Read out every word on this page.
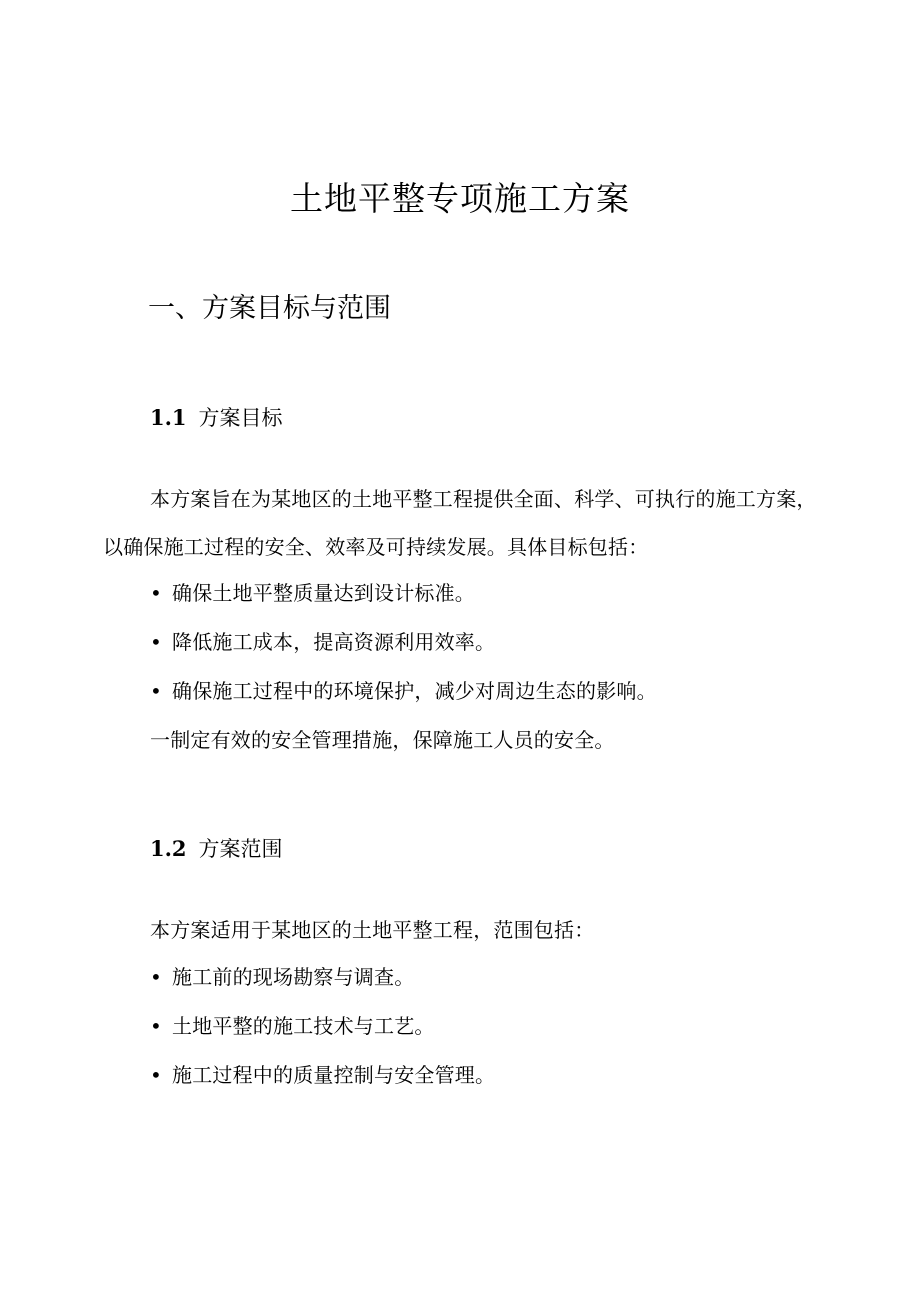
土地平整专项施工方案
一、方案目标与范围
1.1 方案目标
本方案旨在为某地区的土地平整工程提供全面、科学、可执行的施工方案，以确保施工过程的安全、效率及可持续发展。具体目标包括：
• 确保土地平整质量达到设计标准。
• 降低施工成本，提高资源利用效率。
• 确保施工过程中的环境保护，减少对周边生态的影响。
一制定有效的安全管理措施，保障施工人员的安全。
1.2 方案范围
本方案适用于某地区的土地平整工程，范围包括：
• 施工前的现场勘察与调查。
• 土地平整的施工技术与工艺。
• 施工过程中的质量控制与安全管理。
